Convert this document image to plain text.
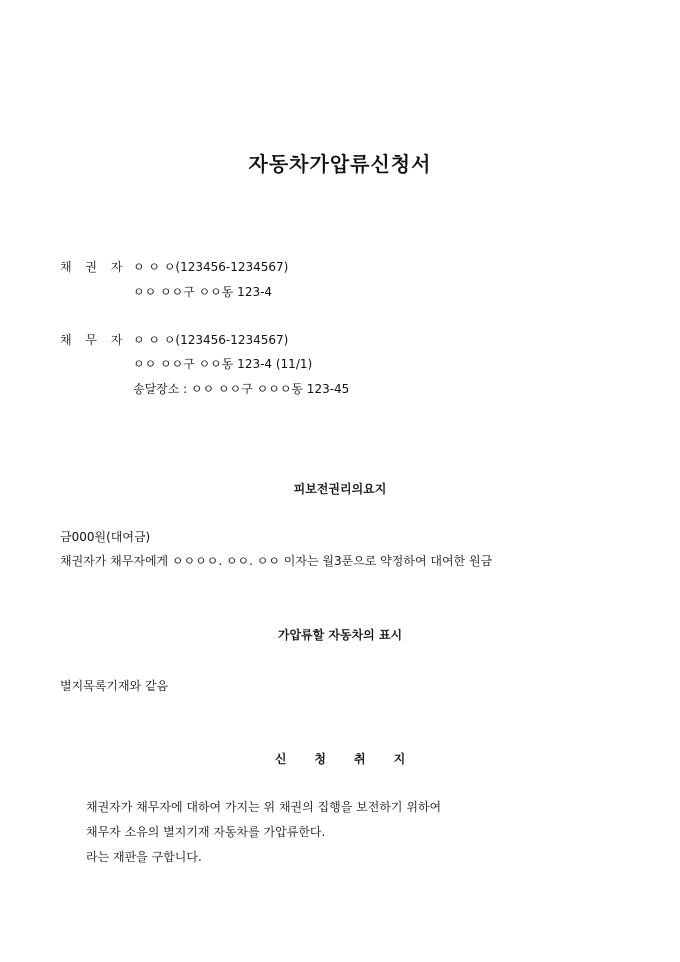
자동차가압류신청서
채 권 자 ㅇ ㅇ ㅇ(123456-1234567)
ㅇㅇ ㅇㅇ구 ㅇㅇ동 123-4
채 무 자 ㅇ ㅇ ㅇ(123456-1234567)
ㅇㅇ ㅇㅇ구 ㅇㅇ동 123-4 (11/1)
송달장소 : ㅇㅇ ㅇㅇ구 ㅇㅇㅇ동 123-45
피보전권리의요지
금000원(대여금)
채권자가 채무자에게 ㅇㅇㅇㅇ. ㅇㅇ. ㅇㅇ 이자는 월3푼으로 약정하여 대여한 원금
가압류할 자동차의 표시
별지목록기재와 같음
신청취지
채권자가 채무자에 대하여 가지는 위 채권의 집행을 보전하기 위하여
채무자 소유의 별지기재 자동차를 가압류한다.
라는 재판을 구합니다.
